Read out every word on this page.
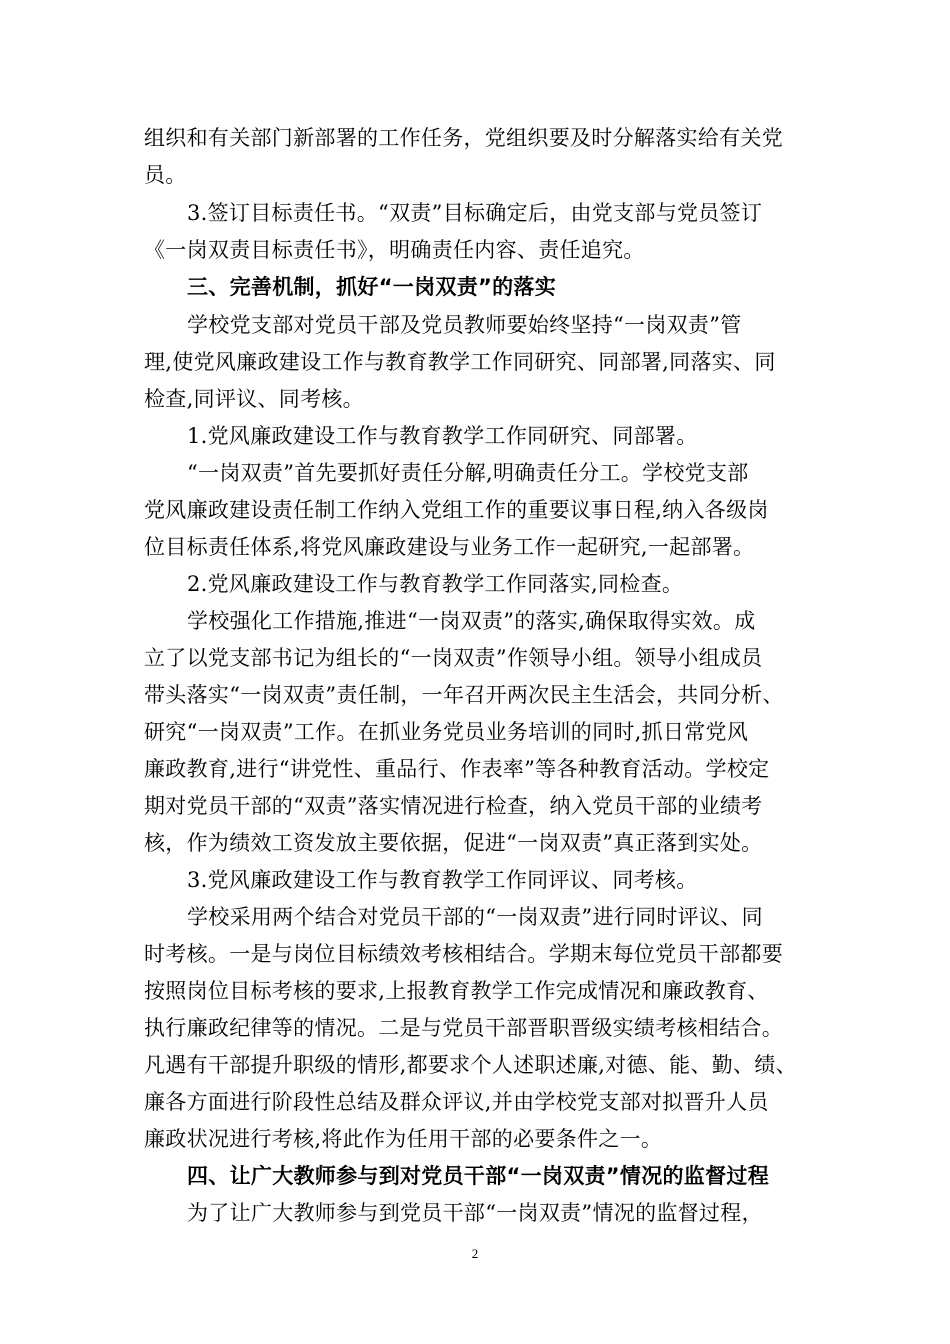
组织和有关部门新部署的工作任务，党组织要及时分解落实给有关党
员。
3.签订目标责任书。“双责”目标确定后，由党支部与党员签订
《一岗双责目标责任书》，明确责任内容、责任追究。
三、完善机制，抓好“一岗双责”的落实
学校党支部对党员干部及党员教师要始终坚持“一岗双责”管
理,使党风廉政建设工作与教育教学工作同研究、同部署,同落实、同
检查,同评议、同考核。
1.党风廉政建设工作与教育教学工作同研究、同部署。
“一岗双责”首先要抓好责任分解,明确责任分工。学校党支部
党风廉政建设责任制工作纳入党组工作的重要议事日程,纳入各级岗
位目标责任体系,将党风廉政建设与业务工作一起研究,一起部署。
2.党风廉政建设工作与教育教学工作同落实,同检查。
学校强化工作措施,推进“一岗双责”的落实,确保取得实效。成
立了以党支部书记为组长的“一岗双责”作领导小组。领导小组成员
带头落实“一岗双责”责任制，一年召开两次民主生活会，共同分析、
研究“一岗双责”工作。在抓业务党员业务培训的同时,抓日常党风
廉政教育,进行“讲党性、重品行、作表率”等各种教育活动。学校定
期对党员干部的“双责”落实情况进行检查，纳入党员干部的业绩考
核，作为绩效工资发放主要依据，促进“一岗双责”真正落到实处。
3.党风廉政建设工作与教育教学工作同评议、同考核。
学校采用两个结合对党员干部的“一岗双责”进行同时评议、同
时考核。一是与岗位目标绩效考核相结合。学期末每位党员干部都要
按照岗位目标考核的要求,上报教育教学工作完成情况和廉政教育、
执行廉政纪律等的情况。二是与党员干部晋职晋级实绩考核相结合。
凡遇有干部提升职级的情形,都要求个人述职述廉,对德、能、勤、绩、
廉各方面进行阶段性总结及群众评议,并由学校党支部对拟晋升人员
廉政状况进行考核,将此作为任用干部的必要条件之一。
四、让广大教师参与到对党员干部“一岗双责”情况的监督过程
为了让广大教师参与到党员干部“一岗双责”情况的监督过程，
2
